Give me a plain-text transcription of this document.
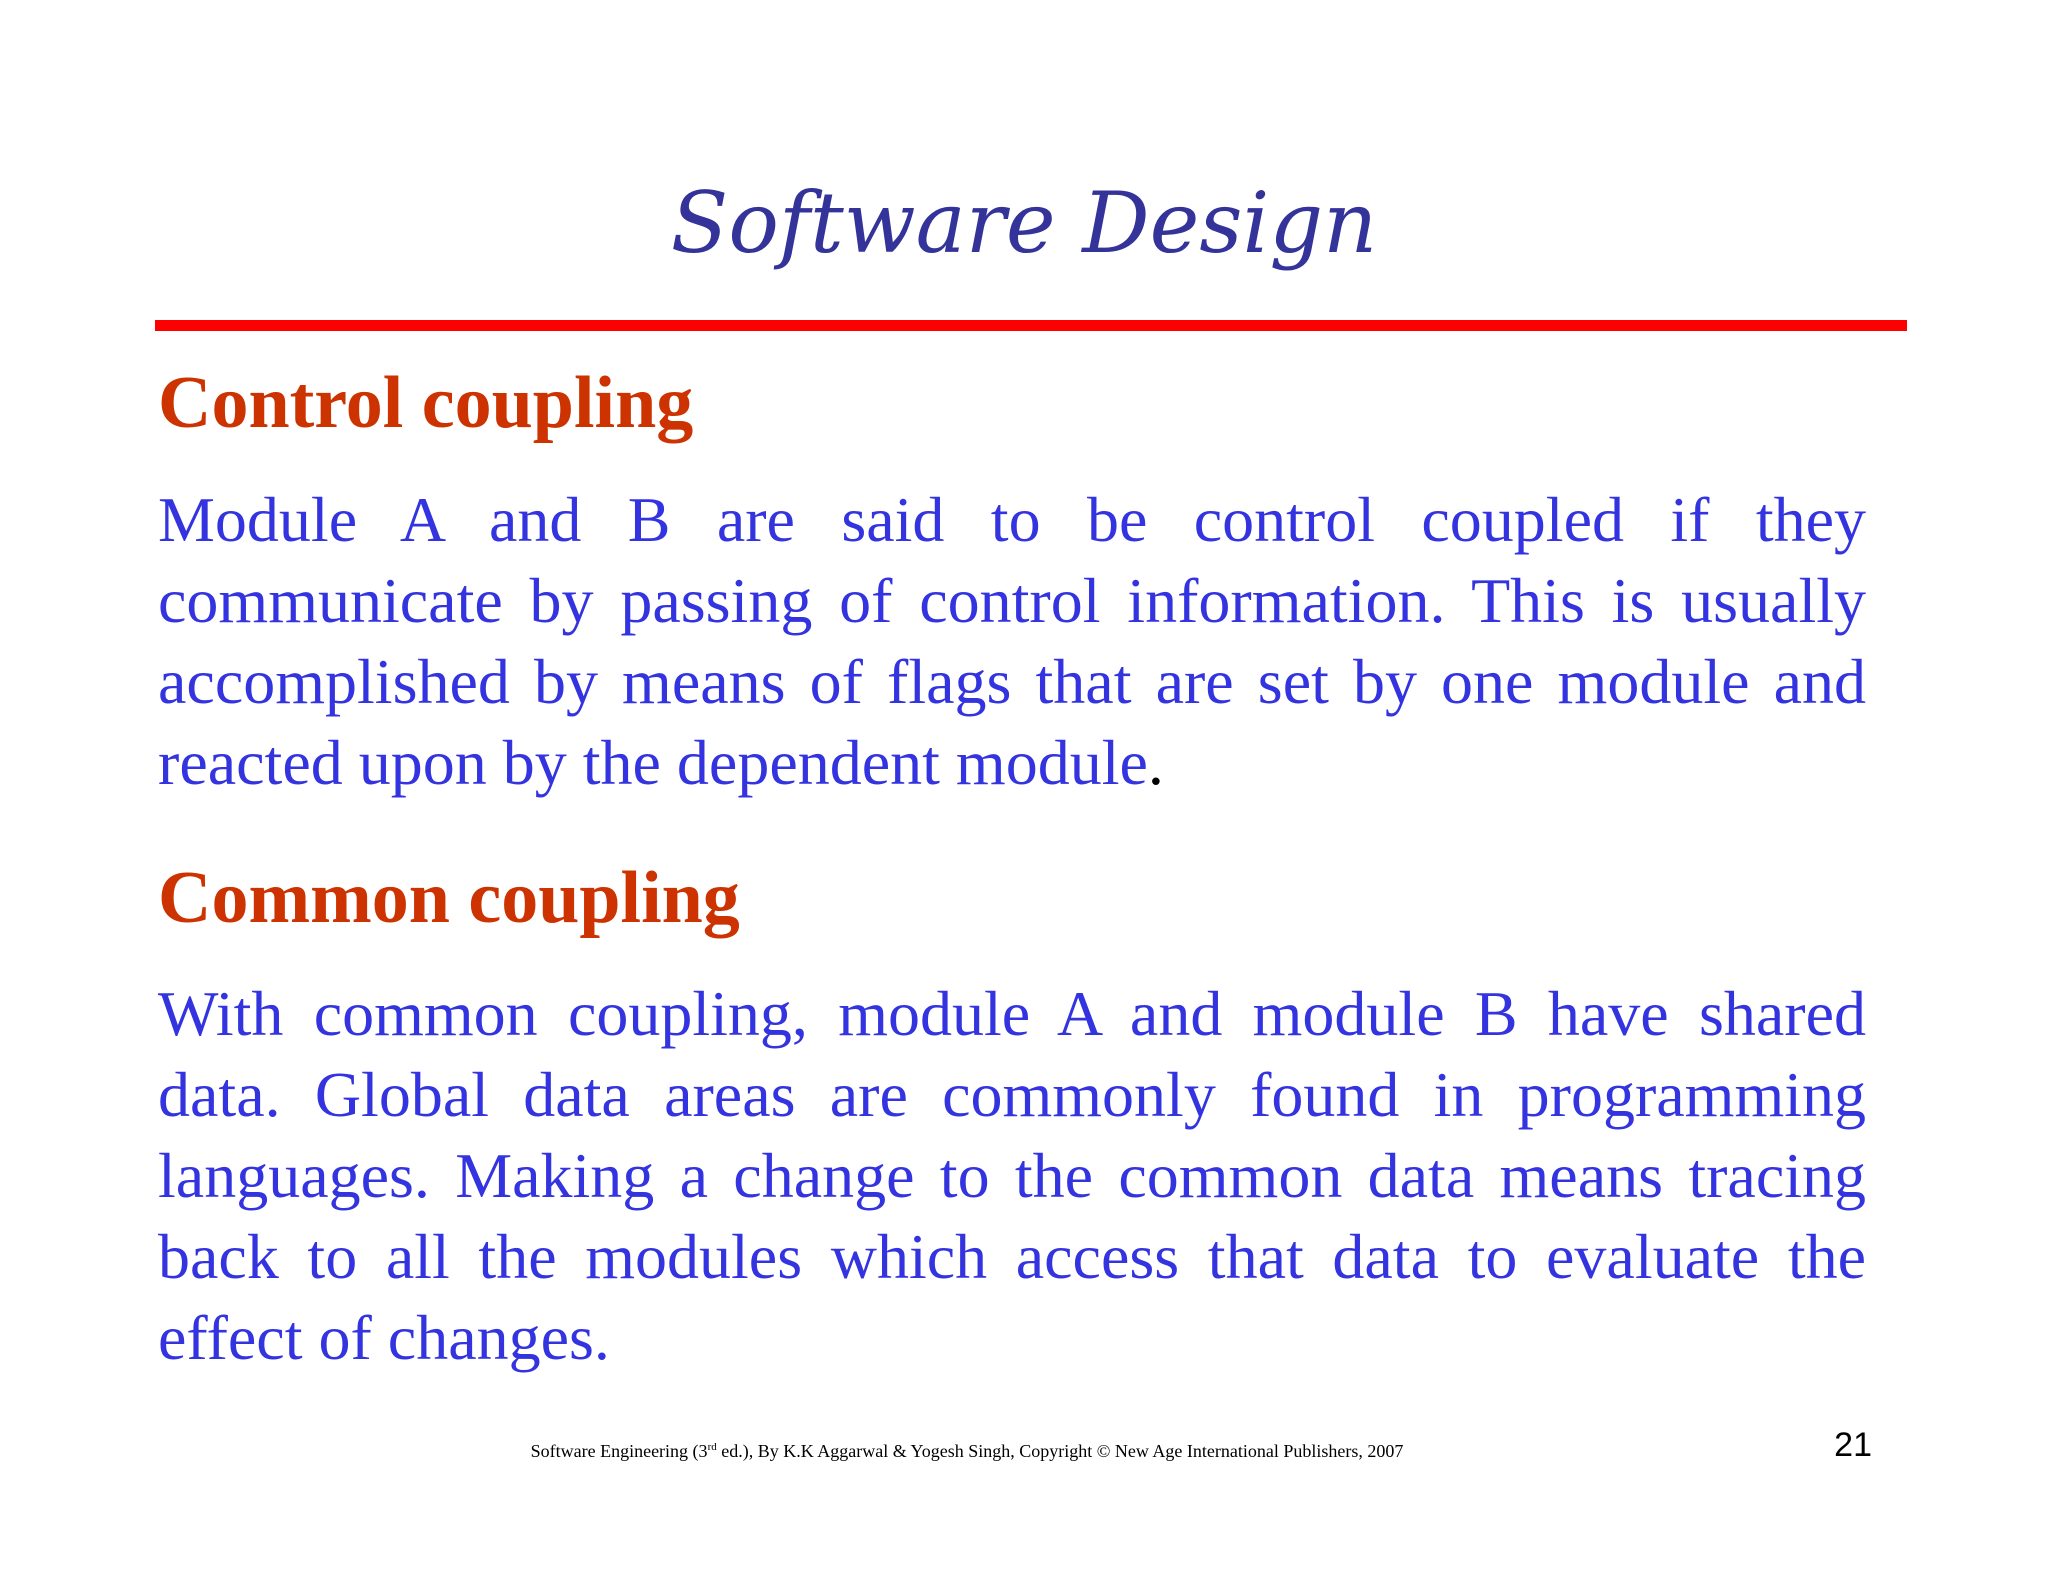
Software Design
Control coupling
Module A and B are said to be control coupled if they
communicate by passing of control information. This is usually
accomplished by means of flags that are set by one module and
reacted upon by the dependent module.
Common coupling
With common coupling, module A and module B have shared
data. Global data areas are commonly found in programming
languages. Making a change to the common data means tracing
back to all the modules which access that data to evaluate the
effect of changes.
Software Engineering (3rd ed.), By K.K Aggarwal & Yogesh Singh, Copyright © New Age International Publishers, 2007	21
